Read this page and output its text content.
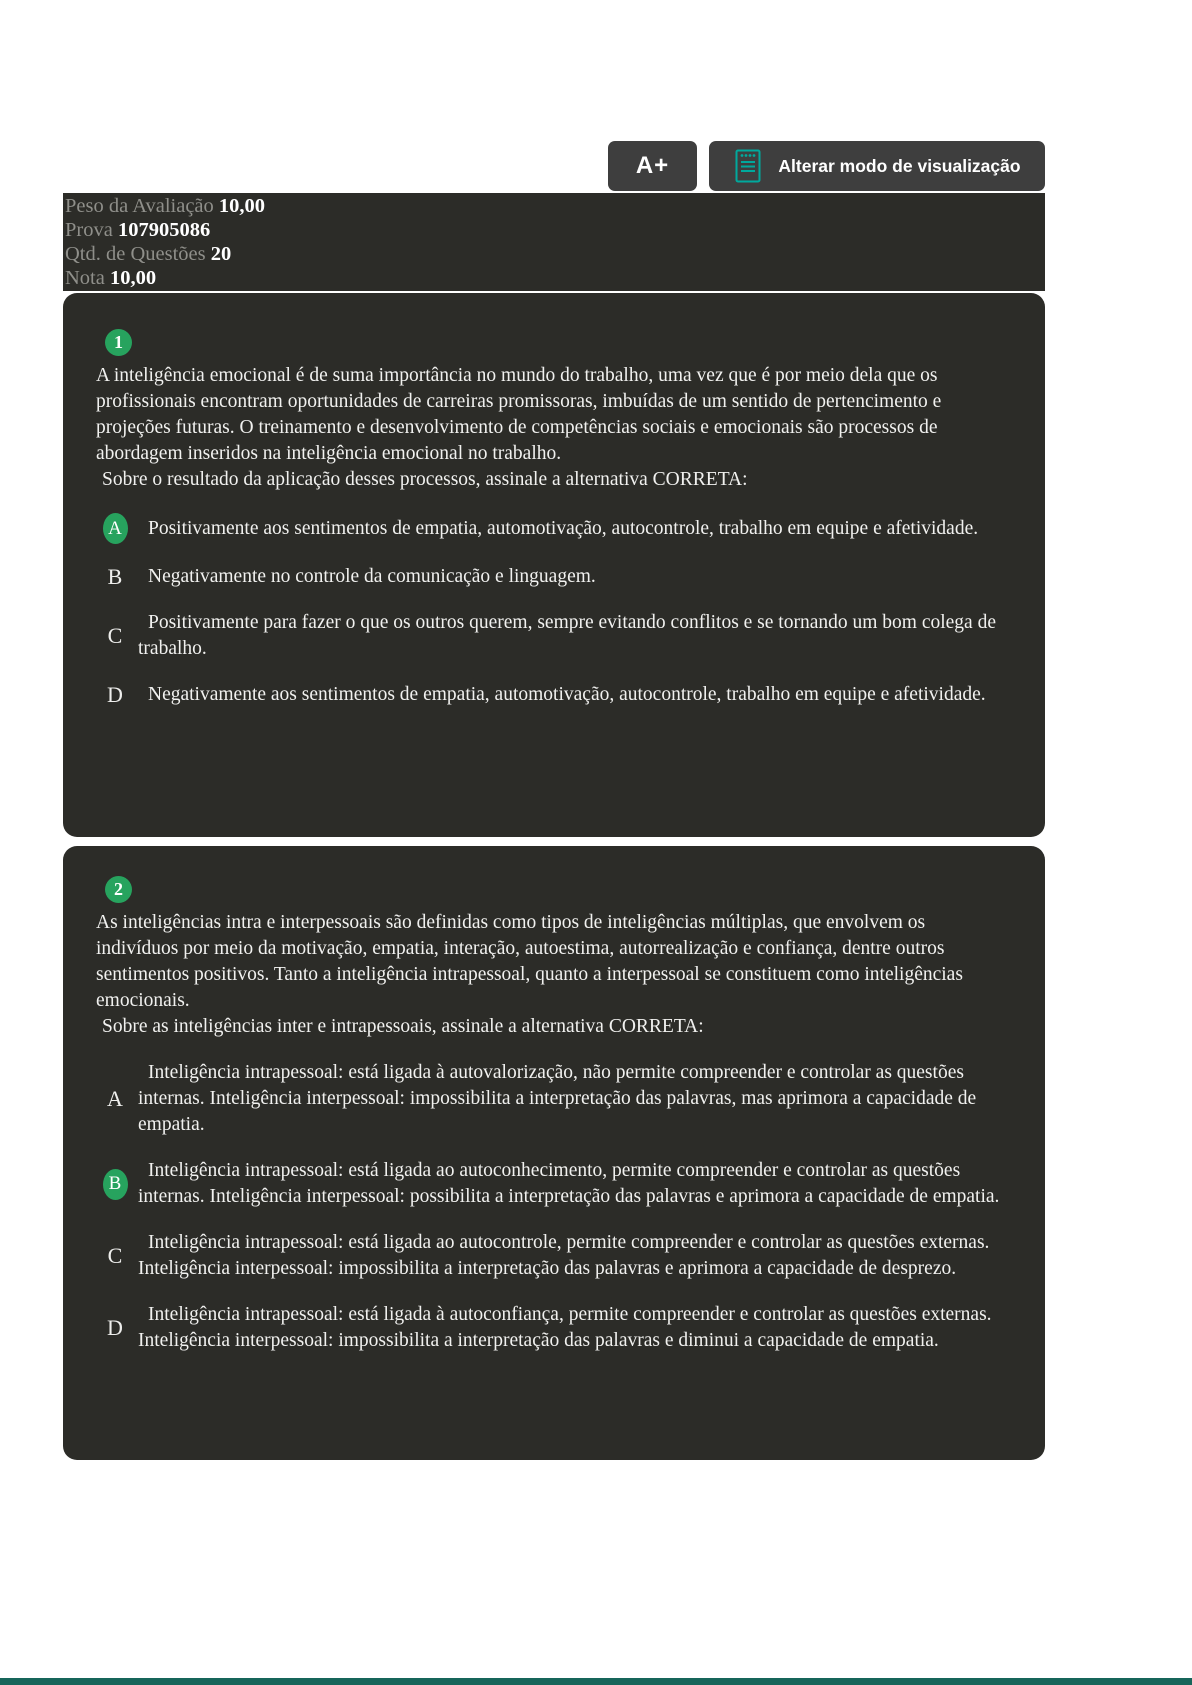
A+	Alterar modo de visualização
Peso da Avaliação 10,00
Prova 107905086
Qtd. de Questões 20
Nota 10,00
1
A inteligência emocional é de suma importância no mundo do trabalho, uma vez que é por meio dela que os profissionais encontram oportunidades de carreiras promissoras, imbuídas de um sentido de pertencimento e projeções futuras. O treinamento e desenvolvimento de competências sociais e emocionais são processos de abordagem inseridos na inteligência emocional no trabalho.
Sobre o resultado da aplicação desses processos, assinale a alternativa CORRETA:
A	Positivamente aos sentimentos de empatia, automotivação, autocontrole, trabalho em equipe e afetividade.
B	Negativamente no controle da comunicação e linguagem.
C
Positivamente para fazer o que os outros querem, sempre evitando conflitos e se tornando um bom colega de trabalho.
D	Negativamente aos sentimentos de empatia, automotivação, autocontrole, trabalho em equipe e afetividade.
2
As inteligências intra e interpessoais são definidas como tipos de inteligências múltiplas, que envolvem os indivíduos por meio da motivação, empatia, interação, autoestima, autorrealização e confiança, dentre outros sentimentos positivos. Tanto a inteligência intrapessoal, quanto a interpessoal se constituem como inteligências emocionais.
Sobre as inteligências inter e intrapessoais, assinale a alternativa CORRETA:
A
Inteligência intrapessoal: está ligada à autovalorização, não permite compreender e controlar as questões internas. Inteligência interpessoal: impossibilita a interpretação das palavras, mas aprimora a capacidade de empatia.
B
Inteligência intrapessoal: está ligada ao autoconhecimento, permite compreender e controlar as questões internas. Inteligência interpessoal: possibilita a interpretação das palavras e aprimora a capacidade de empatia.
C
Inteligência intrapessoal: está ligada ao autocontrole, permite compreender e controlar as questões externas. Inteligência interpessoal: impossibilita a interpretação das palavras e aprimora a capacidade de desprezo.
D
Inteligência intrapessoal: está ligada à autoconfiança, permite compreender e controlar as questões externas. Inteligência interpessoal: impossibilita a interpretação das palavras e diminui a capacidade de empatia.
